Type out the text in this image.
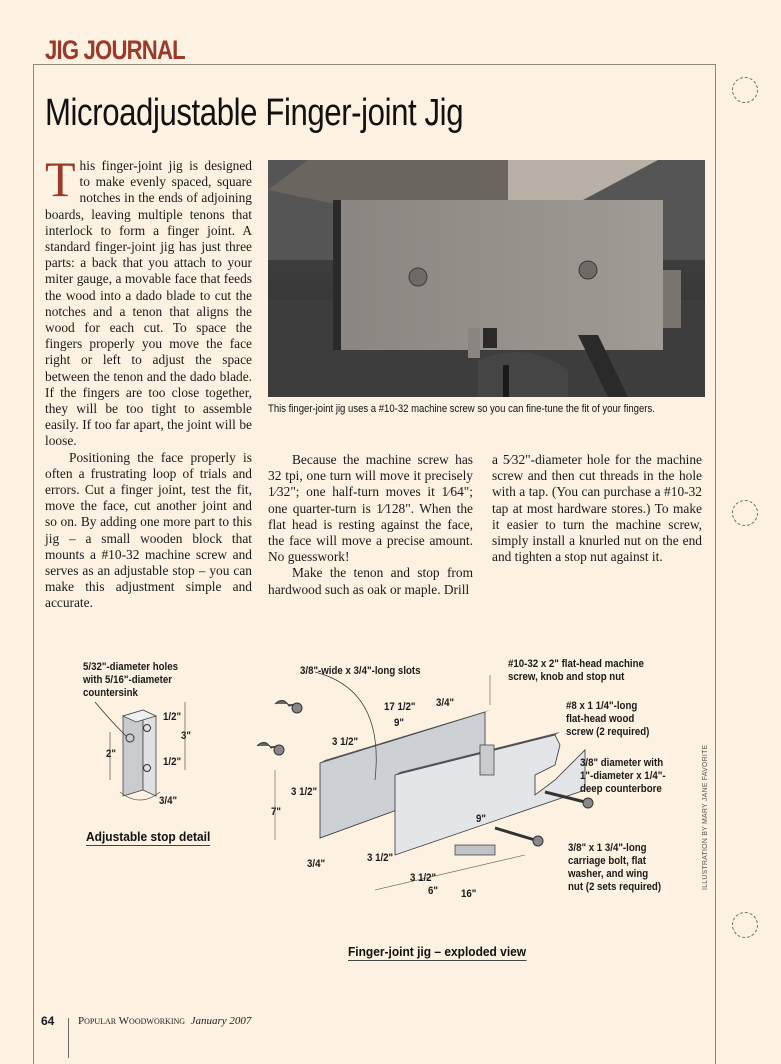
JIG JOURNAL
Microadjustable Finger-joint Jig

This finger-joint jig is designed to make evenly spaced, square notches in the ends of adjoining boards, leaving multiple tenons that interlock to form a finger joint. A standard finger-joint jig has just three parts: a back that you attach to your miter gauge, a movable face that feeds the wood into a dado blade to cut the notches and a tenon that aligns the wood for each cut. To space the fingers properly you move the face right or left to adjust the space between the tenon and the dado blade. If the fingers are too close together, they will be too tight to assemble easily. If too far apart, the joint will be loose.

Positioning the face properly is often a frustrating loop of trials and errors. Cut a finger joint, test the fit, move the face, cut another joint and so on. By adding one more part to this jig – a small wooden block that mounts a #10-32 machine screw and serves as an adjustable stop – you can make this adjustment simple and accurate.

This finger-joint jig uses a #10-32 machine screw so you can fine-tune the fit of your fingers.

Because the machine screw has 32 tpi, one turn will move it precisely 1⁄32"; one half-turn moves it 1⁄64"; one quarter-turn is 1⁄128". When the flat head is resting against the face, the face will move a precise amount. No guesswork!

Make the tenon and stop from hardwood such as oak or maple. Drill

a 5⁄32"-diameter hole for the machine screw and then cut threads in the hole with a tap. (You can purchase a #10-32 tap at most hardware stores.) To make it easier to turn the machine screw, simply install a knurled nut on the end and tighten a stop nut against it.

5/32"-diameter holes
with 5/16"-diameter
countersink
1/2"
3"
1/2"
2"
3/4"
Adjustable stop detail
3/8"-wide x 3/4"-long slots
#10-32 x 2" flat-head machine
screw, knob and stop nut
#8 x 1 1/4"-long
flat-head wood
screw (2 required)
3/8" diameter with
1"-diameter x 1/4"-
deep counterbore
3/8" x 1 3/4"-long
carriage bolt, flat
washer, and wing
nut (2 sets required)
17 1/2" 3/4"
9"
3 1/2"
3 1/2"
7"
3/4"
9"
3 1/2"
3 1/2"
6" 16"
Finger-joint jig – exploded view
ILLUSTRATION BY MARY JANE FAVORITE
64 Popular Woodworking January 2007
